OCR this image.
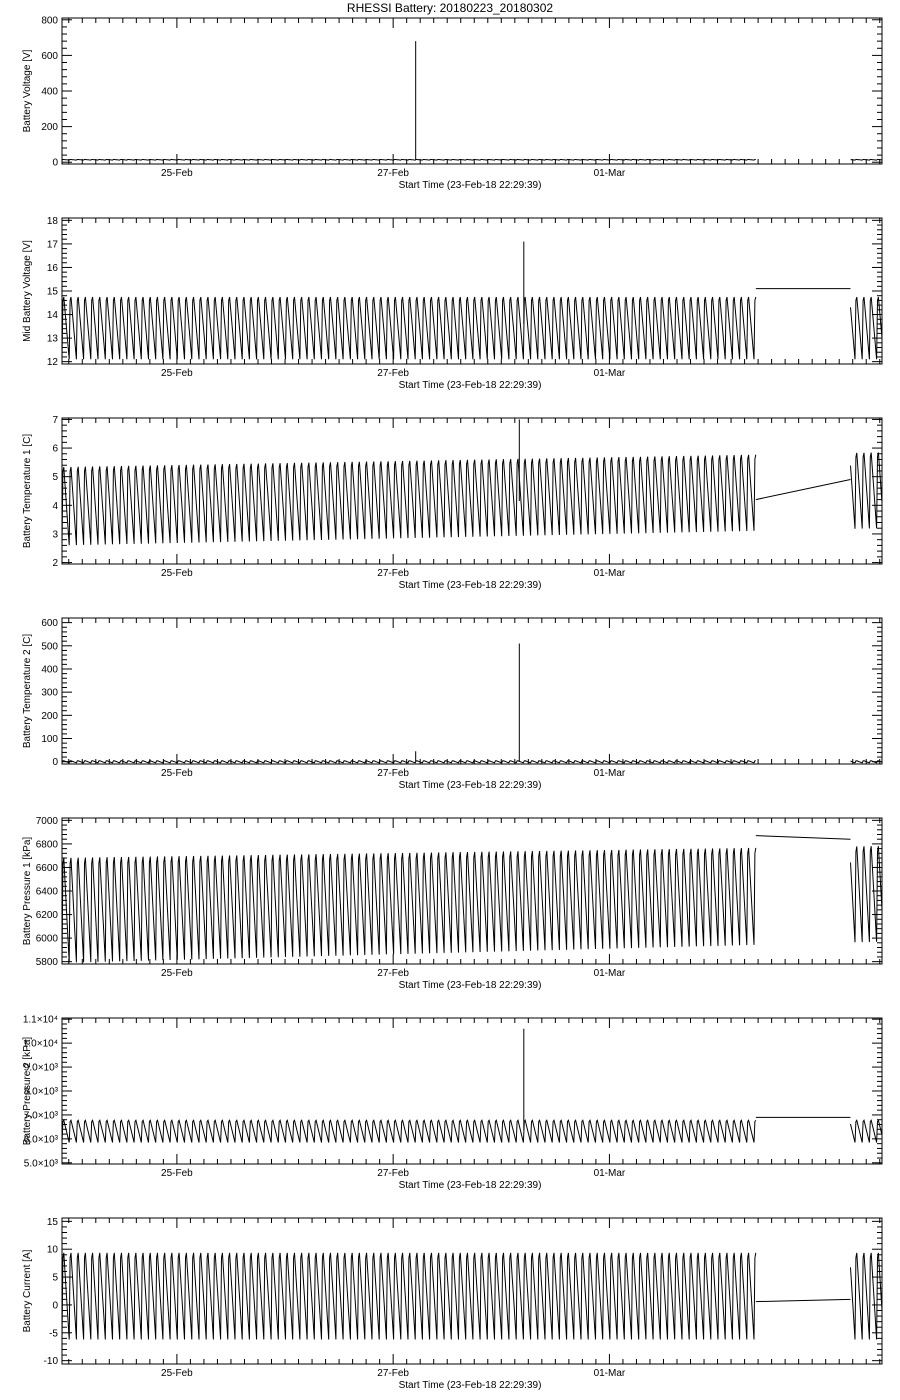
RHESSI Battery: 20180223_20180302
0
200
400
600
800
25-Feb	27-Feb	01-Mar
Start Time (23-Feb-18 22:29:39)
Battery Voltage [V]
12
13
14
15
16
17
18
25-Feb	27-Feb	01-Mar
Start Time (23-Feb-18 22:29:39)
Mid Battery Voltage [V]
2
3
4
5
6
7
25-Feb	27-Feb	01-Mar
Start Time (23-Feb-18 22:29:39)
Battery Temperature 1 [C]
0
100
200
300
400
500
600
25-Feb	27-Feb	01-Mar
Start Time (23-Feb-18 22:29:39)
Battery Temperature 2 [C]
5800
6000
6200
6400
6600
6800
7000
25-Feb	27-Feb	01-Mar
Start Time (23-Feb-18 22:29:39)
Battery Pressure 1 [kPa]
5.0×10³
6.0×10³
7.0×10³
8.0×10³
9.0×10³
1.0×10⁴
1.1×10⁴
25-Feb	27-Feb	01-Mar
Start Time (23-Feb-18 22:29:39)
Battery Pressure 2 [kPa]
-10
-5
0
5
10
15
25-Feb	27-Feb	01-Mar
Start Time (23-Feb-18 22:29:39)
Battery Current [A]
